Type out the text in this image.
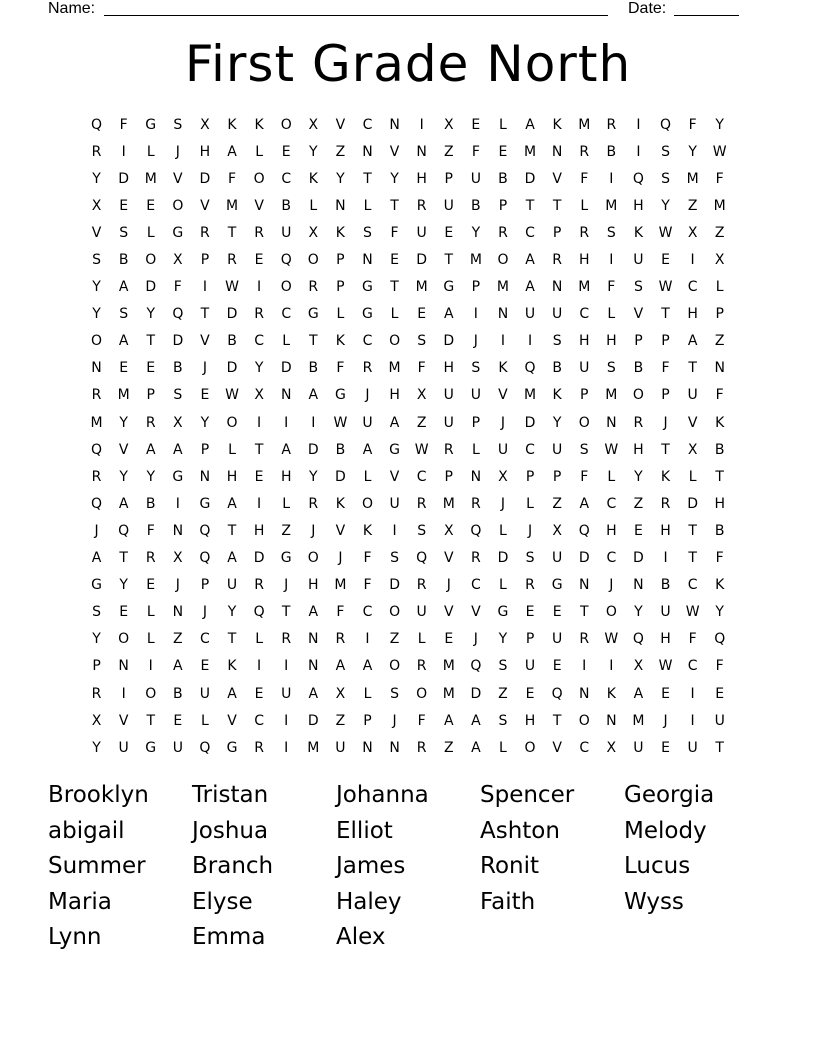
Name:	Date:
First Grade North
Q	F	G	S	X	K	K	O	X	V	C	N	I	X	E	L	A	K	M	R	I	Q	F	Y
R	I	L	J	H	A	L	E	Y	Z	N	V	N	Z	F	E	M	N	R	B	I	S	Y	W
Y	D	M	V	D	F	O	C	K	Y	T	Y	H	P	U	B	D	V	F	I	Q	S	M	F
X	E	E	O	V	M	V	B	L	N	L	T	R	U	B	P	T	T	L	M	H	Y	Z	M
V	S	L	G	R	T	R	U	X	K	S	F	U	E	Y	R	C	P	R	S	K	W	X	Z
S	B	O	X	P	R	E	Q	O	P	N	E	D	T	M	O	A	R	H	I	U	E	I	X
Y	A	D	F	I	W	I	O	R	P	G	T	M	G	P	M	A	N	M	F	S	W	C	L
Y	S	Y	Q	T	D	R	C	G	L	G	L	E	A	I	N	U	U	C	L	V	T	H	P
O	A	T	D	V	B	C	L	T	K	C	O	S	D	J	I	I	S	H	H	P	P	A	Z
N	E	E	B	J	D	Y	D	B	F	R	M	F	H	S	K	Q	B	U	S	B	F	T	N
R	M	P	S	E	W	X	N	A	G	J	H	X	U	U	V	M	K	P	M	O	P	U	F
M	Y	R	X	Y	O	I	I	I	W	U	A	Z	U	P	J	D	Y	O	N	R	J	V	K
Q	V	A	A	P	L	T	A	D	B	A	G	W	R	L	U	C	U	S	W	H	T	X	B
R	Y	Y	G	N	H	E	H	Y	D	L	V	C	P	N	X	P	P	F	L	Y	K	L	T
Q	A	B	I	G	A	I	L	R	K	O	U	R	M	R	J	L	Z	A	C	Z	R	D	H
J	Q	F	N	Q	T	H	Z	J	V	K	I	S	X	Q	L	J	X	Q	H	E	H	T	B
A	T	R	X	Q	A	D	G	O	J	F	S	Q	V	R	D	S	U	D	C	D	I	T	F
G	Y	E	J	P	U	R	J	H	M	F	D	R	J	C	L	R	G	N	J	N	B	C	K
S	E	L	N	J	Y	Q	T	A	F	C	O	U	V	V	G	E	E	T	O	Y	U	W	Y
Y	O	L	Z	C	T	L	R	N	R	I	Z	L	E	J	Y	P	U	R	W	Q	H	F	Q
P	N	I	A	E	K	I	I	N	A	A	O	R	M	Q	S	U	E	I	I	X	W	C	F
R	I	O	B	U	A	E	U	A	X	L	S	O	M	D	Z	E	Q	N	K	A	E	I	E
X	V	T	E	L	V	C	I	D	Z	P	J	F	A	A	S	H	T	O	N	M	J	I	U
Y	U	G	U	Q	G	R	I	M	U	N	N	R	Z	A	L	O	V	C	X	U	E	U	T
Brooklyn	Tristan	Johanna	Spencer	Georgia
abigail	Joshua	Elliot	Ashton	Melody
Summer	Branch	James	Ronit	Lucus
Maria	Elyse	Haley	Faith	Wyss
Lynn	Emma	Alex
